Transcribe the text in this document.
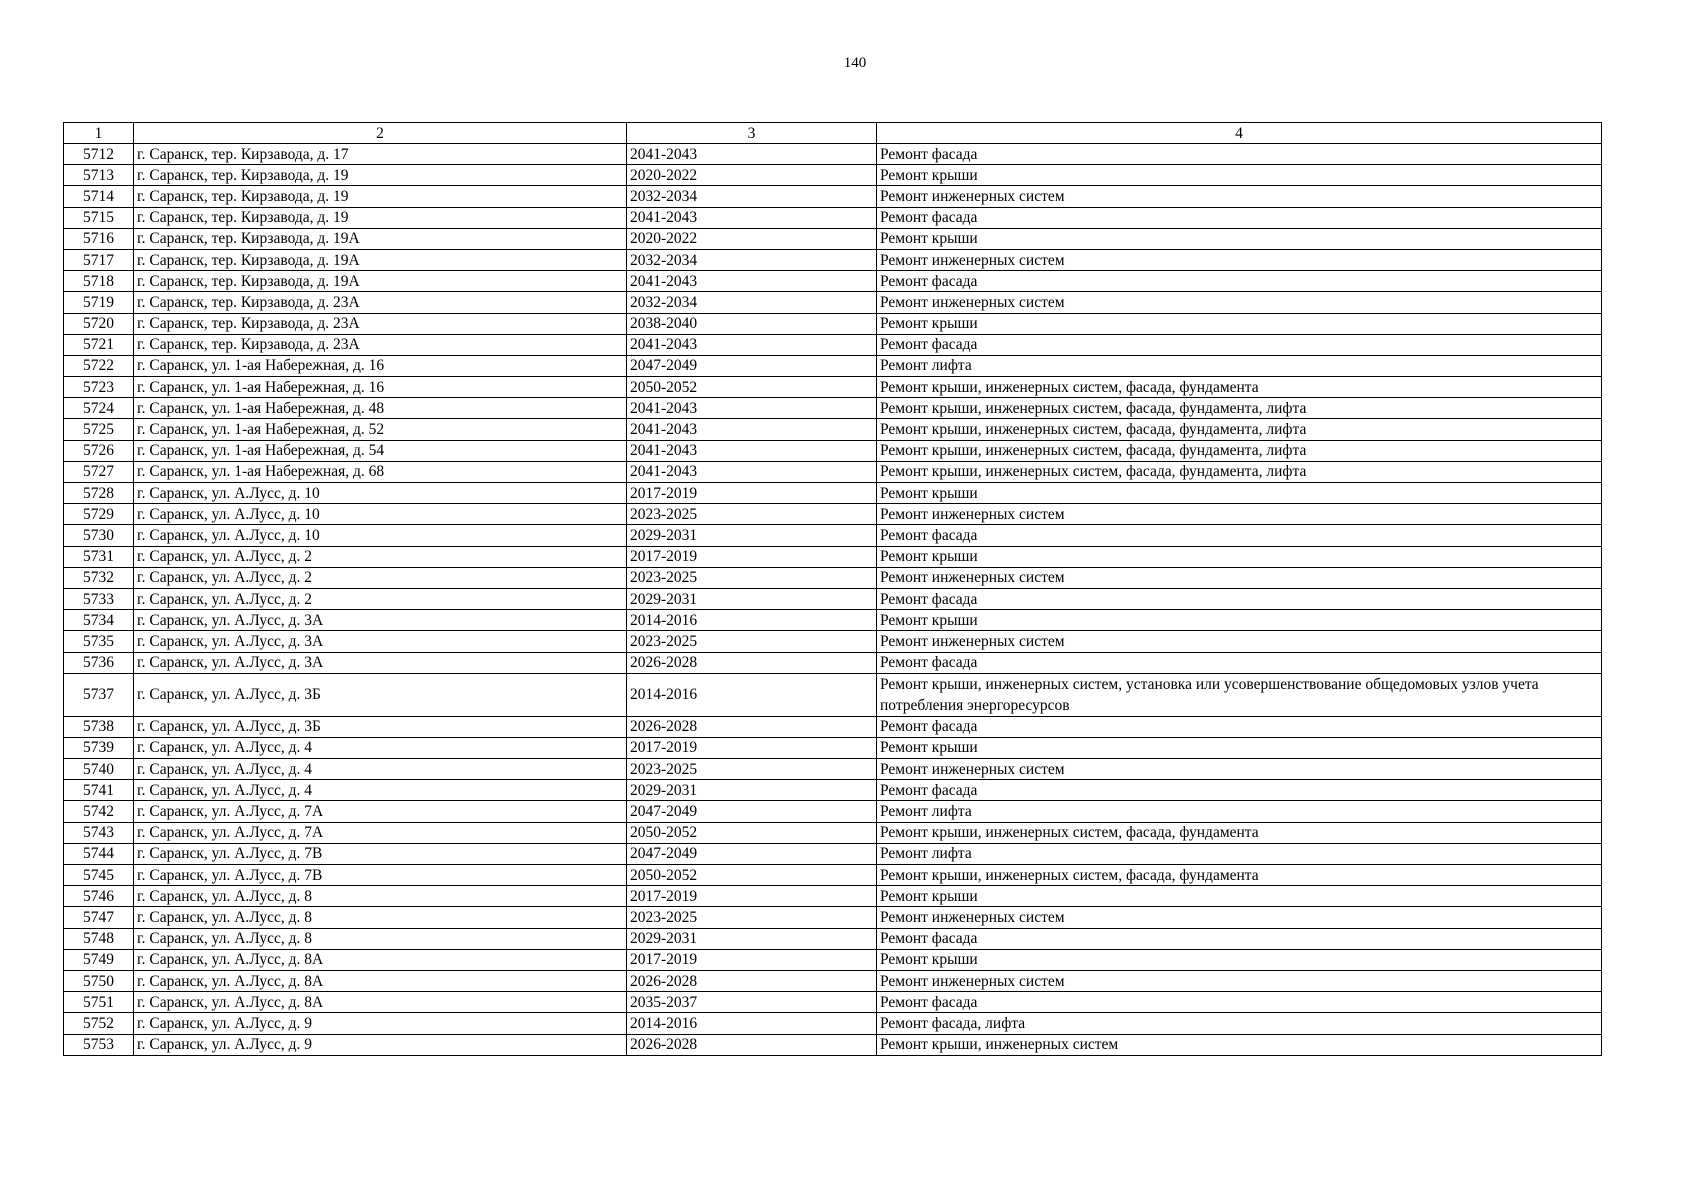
140
1	2	3	4
5712	г. Саранск, тер. Кирзавода, д. 17	2041-2043	Ремонт фасада
5713	г. Саранск, тер. Кирзавода, д. 19	2020-2022	Ремонт крыши
5714	г. Саранск, тер. Кирзавода, д. 19	2032-2034	Ремонт инженерных систем
5715	г. Саранск, тер. Кирзавода, д. 19	2041-2043	Ремонт фасада
5716	г. Саранск, тер. Кирзавода, д. 19А	2020-2022	Ремонт крыши
5717	г. Саранск, тер. Кирзавода, д. 19А	2032-2034	Ремонт инженерных систем
5718	г. Саранск, тер. Кирзавода, д. 19А	2041-2043	Ремонт фасада
5719	г. Саранск, тер. Кирзавода, д. 23А	2032-2034	Ремонт инженерных систем
5720	г. Саранск, тер. Кирзавода, д. 23А	2038-2040	Ремонт крыши
5721	г. Саранск, тер. Кирзавода, д. 23А	2041-2043	Ремонт фасада
5722	г. Саранск, ул. 1-ая Набережная, д. 16	2047-2049	Ремонт лифта
5723	г. Саранск, ул. 1-ая Набережная, д. 16	2050-2052	Ремонт крыши, инженерных систем, фасада, фундамента
5724	г. Саранск, ул. 1-ая Набережная, д. 48	2041-2043	Ремонт крыши, инженерных систем, фасада, фундамента, лифта
5725	г. Саранск, ул. 1-ая Набережная, д. 52	2041-2043	Ремонт крыши, инженерных систем, фасада, фундамента, лифта
5726	г. Саранск, ул. 1-ая Набережная, д. 54	2041-2043	Ремонт крыши, инженерных систем, фасада, фундамента, лифта
5727	г. Саранск, ул. 1-ая Набережная, д. 68	2041-2043	Ремонт крыши, инженерных систем, фасада, фундамента, лифта
5728	г. Саранск, ул. А.Лусс, д. 10	2017-2019	Ремонт крыши
5729	г. Саранск, ул. А.Лусс, д. 10	2023-2025	Ремонт инженерных систем
5730	г. Саранск, ул. А.Лусс, д. 10	2029-2031	Ремонт фасада
5731	г. Саранск, ул. А.Лусс, д. 2	2017-2019	Ремонт крыши
5732	г. Саранск, ул. А.Лусс, д. 2	2023-2025	Ремонт инженерных систем
5733	г. Саранск, ул. А.Лусс, д. 2	2029-2031	Ремонт фасада
5734	г. Саранск, ул. А.Лусс, д. 3А	2014-2016	Ремонт крыши
5735	г. Саранск, ул. А.Лусс, д. 3А	2023-2025	Ремонт инженерных систем
5736	г. Саранск, ул. А.Лусс, д. 3А	2026-2028	Ремонт фасада
5737	г. Саранск, ул. А.Лусс, д. 3Б	2014-2016	Ремонт крыши, инженерных систем, установка или усовершенствование общедомовых узлов учета потребления энергоресурсов
5738	г. Саранск, ул. А.Лусс, д. 3Б	2026-2028	Ремонт фасада
5739	г. Саранск, ул. А.Лусс, д. 4	2017-2019	Ремонт крыши
5740	г. Саранск, ул. А.Лусс, д. 4	2023-2025	Ремонт инженерных систем
5741	г. Саранск, ул. А.Лусс, д. 4	2029-2031	Ремонт фасада
5742	г. Саранск, ул. А.Лусс, д. 7А	2047-2049	Ремонт лифта
5743	г. Саранск, ул. А.Лусс, д. 7А	2050-2052	Ремонт крыши, инженерных систем, фасада, фундамента
5744	г. Саранск, ул. А.Лусс, д. 7В	2047-2049	Ремонт лифта
5745	г. Саранск, ул. А.Лусс, д. 7В	2050-2052	Ремонт крыши, инженерных систем, фасада, фундамента
5746	г. Саранск, ул. А.Лусс, д. 8	2017-2019	Ремонт крыши
5747	г. Саранск, ул. А.Лусс, д. 8	2023-2025	Ремонт инженерных систем
5748	г. Саранск, ул. А.Лусс, д. 8	2029-2031	Ремонт фасада
5749	г. Саранск, ул. А.Лусс, д. 8А	2017-2019	Ремонт крыши
5750	г. Саранск, ул. А.Лусс, д. 8А	2026-2028	Ремонт инженерных систем
5751	г. Саранск, ул. А.Лусс, д. 8А	2035-2037	Ремонт фасада
5752	г. Саранск, ул. А.Лусс, д. 9	2014-2016	Ремонт фасада, лифта
5753	г. Саранск, ул. А.Лусс, д. 9	2026-2028	Ремонт крыши, инженерных систем
